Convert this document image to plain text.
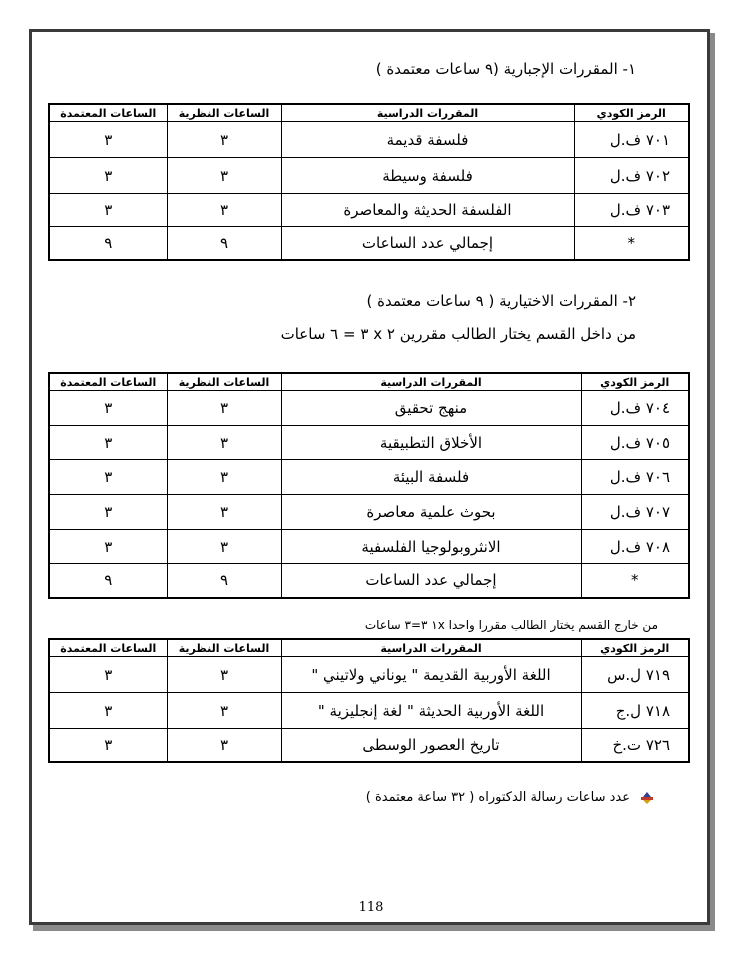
١- المقررات الإجبارية (٩ ساعات معتمدة )
الرمز الكودي	المقررات الدراسية	الساعات النظرية	الساعات المعتمدة
٧٠١ ف.ل	فلسفة قديمة	٣	٣
٧٠٢ ف.ل	فلسفة وسيطة	٣	٣
٧٠٣ ف.ل	الفلسفة الحديثة والمعاصرة	٣	٣
*	إجمالي عدد الساعات	٩	٩
٢- المقررات الاختيارية ( ٩ ساعات معتمدة )
من داخل القسم يختار الطالب مقررين ٢ x ٣ = ٦ ساعات
الرمز الكودي	المقررات الدراسية	الساعات النظرية	الساعات المعتمدة
٧٠٤ ف.ل	منهج تحقيق	٣	٣
٧٠٥ ف.ل	الأخلاق التطبيقية	٣	٣
٧٠٦ ف.ل	فلسفة البيئة	٣	٣
٧٠٧ ف.ل	بحوث علمية معاصرة	٣	٣
٧٠٨ ف.ل	الانثروبولوجيا الفلسفية	٣	٣
*	إجمالي عدد الساعات	٩	٩
من خارج القسم يختار الطالب مقررا واحدا ١x ٣=٣ ساعات
الرمز الكودي	المقررات الدراسية	الساعات النظرية	الساعات المعتمدة
٧١٩ ل.س	اللغة الأوربية القديمة " يوناني ولاتيني "	٣	٣
٧١٨ ل.ج	اللغة الأوربية الحديثة " لغة إنجليزية "	٣	٣
٧٢٦ ت.خ	تاريخ العصور الوسطى	٣	٣
عدد ساعات رسالة الدكتوراه ( ٣٢ ساعة معتمدة )
118
